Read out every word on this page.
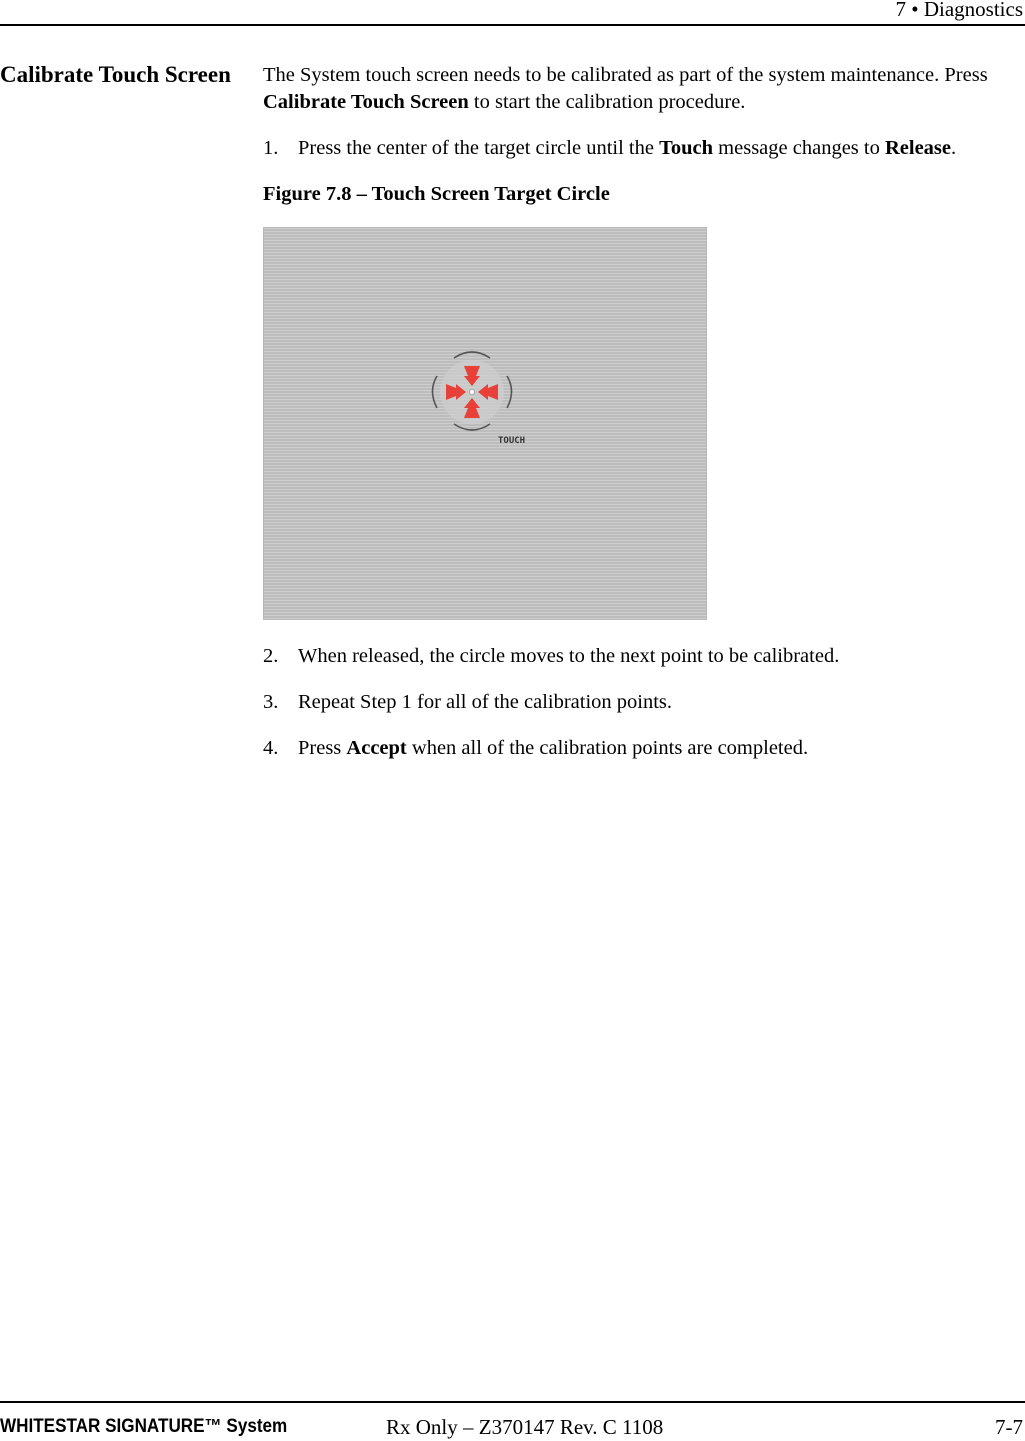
7 • Diagnostics
Calibrate Touch Screen	The System touch screen needs to be calibrated as part of the system maintenance. Press Calibrate Touch Screen to start the calibration procedure.

1. Press the center of the target circle until the Touch message changes to Release.

Figure 7.8 – Touch Screen Target Circle

TOUCH

2. When released, the circle moves to the next point to be calibrated.

3. Repeat Step 1 for all of the calibration points.

4. Press Accept when all of the calibration points are completed.

WHITESTAR SIGNATURE™ System	Rx Only – Z370147 Rev. C 1108	7-7
